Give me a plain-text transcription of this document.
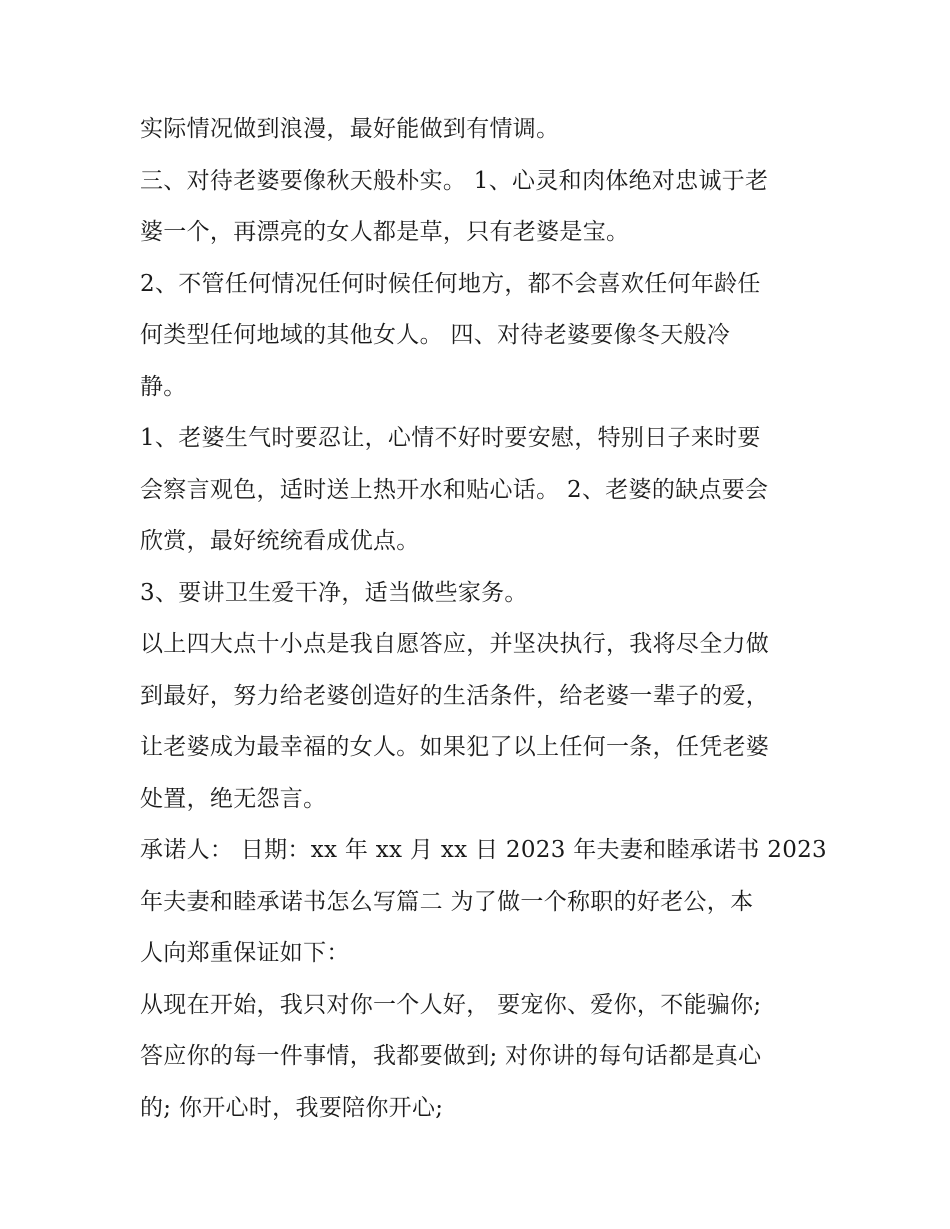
实际情况做到浪漫，最好能做到有情调。
三、对待老婆要像秋天般朴实。 1、心灵和肉体绝对忠诚于老
婆一个，再漂亮的女人都是草，只有老婆是宝。
2、不管任何情况任何时候任何地方，都不会喜欢任何年龄任
何类型任何地域的其他女人。 四、对待老婆要像冬天般冷
静。
1、老婆生气时要忍让，心情不好时要安慰，特别日子来时要
会察言观色，适时送上热开水和贴心话。 2、老婆的缺点要会
欣赏，最好统统看成优点。
3、要讲卫生爱干净，适当做些家务。
以上四大点十小点是我自愿答应，并坚决执行，我将尽全力做
到最好，努力给老婆创造好的生活条件，给老婆一辈子的爱，
让老婆成为最幸福的女人。如果犯了以上任何一条，任凭老婆
处置，绝无怨言。
承诺人： 日期：xx 年 xx 月 xx 日 2023 年夫妻和睦承诺书 2023
年夫妻和睦承诺书怎么写篇二 为了做一个称职的好老公，本
人向郑重保证如下：
从现在开始，我只对你一个人好， 要宠你、爱你，不能骗你;
答应你的每一件事情，我都要做到; 对你讲的每句话都是真心
的; 你开心时，我要陪你开心;
